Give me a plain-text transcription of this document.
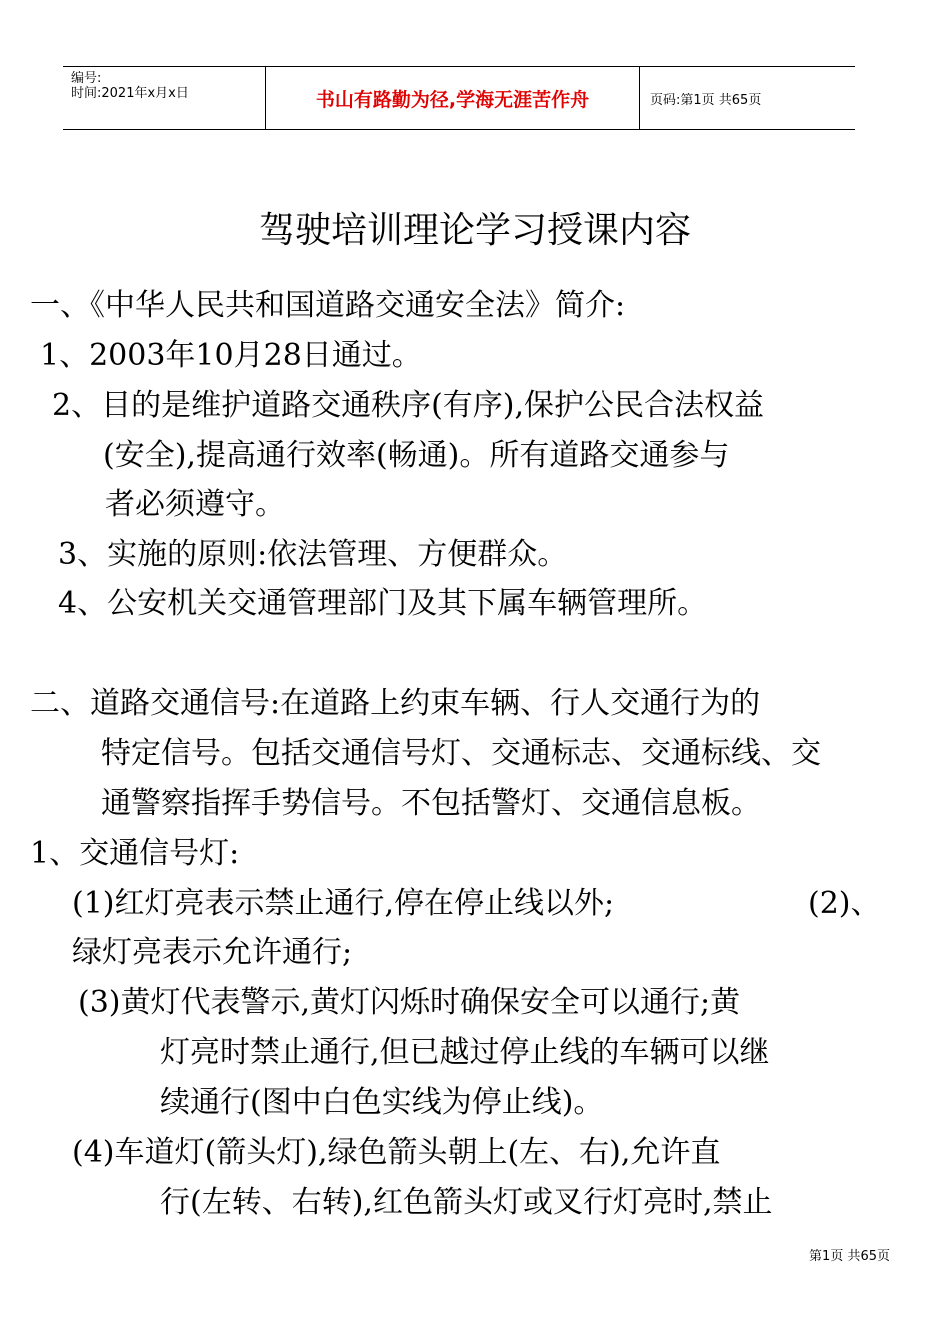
编号:
时间:2021年x月x日	书山有路勤为径,学海无涯苦作舟	页码:第1页 共65页
驾驶培训理论学习授课内容
一、《中华人民共和国道路交通安全法》简介:
1、2003年10月28日通过。
2、目的是维护道路交通秩序(有序),保护公民合法权益
(安全),提高通行效率(畅通)。所有道路交通参与
者必须遵守。
3、实施的原则:依法管理、方便群众。
4、公安机关交通管理部门及其下属车辆管理所。
二、道路交通信号:在道路上约束车辆、行人交通行为的
特定信号。包括交通信号灯、交通标志、交通标线、交
通警察指挥手势信号。不包括警灯、交通信息板。
1、交通信号灯:
(1)红灯亮表示禁止通行,停在停止线以外;	(2)、
绿灯亮表示允许通行;
(3)黄灯代表警示,黄灯闪烁时确保安全可以通行;黄
灯亮时禁止通行,但已越过停止线的车辆可以继
续通行(图中白色实线为停止线)。
(4)车道灯(箭头灯),绿色箭头朝上(左、右),允许直
行(左转、右转),红色箭头灯或叉行灯亮时,禁止
第1页 共65页
